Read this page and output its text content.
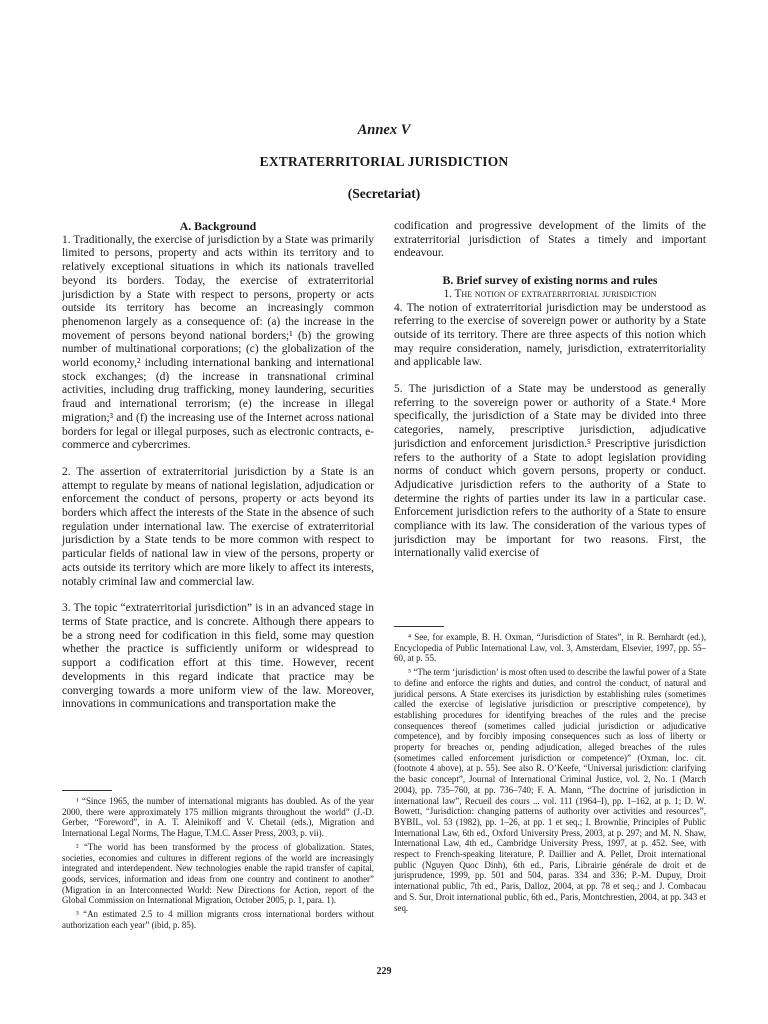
Annex V
EXTRATERRITORIAL JURISDICTION
(Secretariat)

A. Background

1. Traditionally, the exercise of jurisdiction by a State was primarily limited to persons, property and acts within its territory and to relatively exceptional situations in which its nationals travelled beyond its borders. Today, the exercise of extraterritorial jurisdiction by a State with respect to persons, property or acts outside its territory has become an increasingly common phenomenon largely as a consequence of: (a) the increase in the movement of persons beyond national borders;¹ (b) the growing number of multinational corporations; (c) the globalization of the world economy,² including international banking and international stock exchanges; (d) the increase in transnational criminal activities, including drug trafficking, money laundering, securities fraud and international terrorism; (e) the increase in illegal migration;³ and (f) the increasing use of the Internet across national borders for legal or illegal purposes, such as electronic contracts, e-commerce and cybercrimes.

2. The assertion of extraterritorial jurisdiction by a State is an attempt to regulate by means of national legislation, adjudication or enforcement the conduct of persons, property or acts beyond its borders which affect the interests of the State in the absence of such regulation under international law. The exercise of extraterritorial jurisdiction by a State tends to be more common with respect to particular fields of national law in view of the persons, property or acts outside its territory which are more likely to affect its interests, notably criminal law and commercial law.

3. The topic “extraterritorial jurisdiction” is in an advanced stage in terms of State practice, and is concrete. Although there appears to be a strong need for codification in this field, some may question whether the practice is sufficiently uniform or widespread to support a codification effort at this time. However, recent developments in this regard indicate that practice may be converging towards a more uniform view of the law. Moreover, innovations in communications and transportation make the

¹ “Since 1965, the number of international migrants has doubled. As of the year 2000, there were approximately 175 million migrants throughout the world” (J.-D. Gerber, “Foreword”, in A. T. Aleinikoff and V. Chetail (eds.), Migration and International Legal Norms, The Hague, T.M.C. Asser Press, 2003, p. vii).

² “The world has been transformed by the process of globalization. States, societies, economies and cultures in different regions of the world are increasingly integrated and interdependent. New technologies enable the rapid transfer of capital, goods, services, information and ideas from one country and continent to another” (Migration in an Interconnected World: New Directions for Action, report of the Global Commission on International Migration, October 2005, p. 1, para. 1).

³ “An estimated 2.5 to 4 million migrants cross international borders without authorization each year” (ibid, p. 85).

codification and progressive development of the limits of the extraterritorial jurisdiction of States a timely and important endeavour.

B. Brief survey of existing norms and rules

1. The notion of extraterritorial jurisdiction

4. The notion of extraterritorial jurisdiction may be understood as referring to the exercise of sovereign power or authority by a State outside of its territory. There are three aspects of this notion which may require consideration, namely, jurisdiction, extraterritoriality and applicable law.

5. The jurisdiction of a State may be understood as generally referring to the sovereign power or authority of a State.⁴ More specifically, the jurisdiction of a State may be divided into three categories, namely, prescriptive jurisdiction, adjudicative jurisdiction and enforcement jurisdiction.⁵ Prescriptive jurisdiction refers to the authority of a State to adopt legislation providing norms of conduct which govern persons, property or conduct. Adjudicative jurisdiction refers to the authority of a State to determine the rights of parties under its law in a particular case. Enforcement jurisdiction refers to the authority of a State to ensure compliance with its law. The consideration of the various types of jurisdiction may be important for two reasons. First, the internationally valid exercise of

⁴ See, for example, B. H. Oxman, “Jurisdiction of States”, in R. Bernhardt (ed.), Encyclopedia of Public International Law, vol. 3, Amsterdam, Elsevier, 1997, pp. 55–60, at p. 55.

⁵ “The term ‘jurisdiction’ is most often used to describe the lawful power of a State to define and enforce the rights and duties, and control the conduct, of natural and juridical persons. A State exercises its jurisdiction by establishing rules (sometimes called the exercise of legislative jurisdiction or prescriptive competence), by establishing procedures for identifying breaches of the rules and the precise consequences thereof (sometimes called judicial jurisdiction or adjudicative competence), and by forcibly imposing consequences such as loss of liberty or property for breaches or, pending adjudication, alleged breaches of the rules (sometimes called enforcement jurisdiction or competence)” (Oxman, loc. cit. (footnote 4 above), at p. 55). See also R. O’Keefe, “Universal jurisdiction: clarifying the basic concept”, Journal of International Criminal Justice, vol. 2, No. 1 (March 2004), pp. 735–760, at pp. 736–740; F. A. Mann, “The doctrine of jurisdiction in international law”, Recueil des cours ... vol. 111 (1964–I), pp. 1–162, at p. 1; D. W. Bowett, “Jurisdiction: changing patterns of authority over activities and resources”, BYBIL, vol. 53 (1982), pp. 1–26, at pp. 1 et seq.; I. Brownlie, Principles of Public International Law, 6th ed., Oxford University Press, 2003, at p. 297; and M. N. Shaw, International Law, 4th ed., Cambridge University Press, 1997, at p. 452. See, with respect to French-speaking literature, P. Daillier and A. Pellet, Droit international public (Nguyen Quoc Dinh), 6th ed., Paris, Librairie générale de droit et de jurisprudence, 1999, pp. 501 and 504, paras. 334 and 336; P.-M. Dupuy, Droit international public, 7th ed., Paris, Dalloz, 2004, at pp. 78 et seq.; and J. Combacau and S. Sur, Droit international public, 6th ed., Paris, Montchrestien, 2004, at pp. 343 et seq.

229
